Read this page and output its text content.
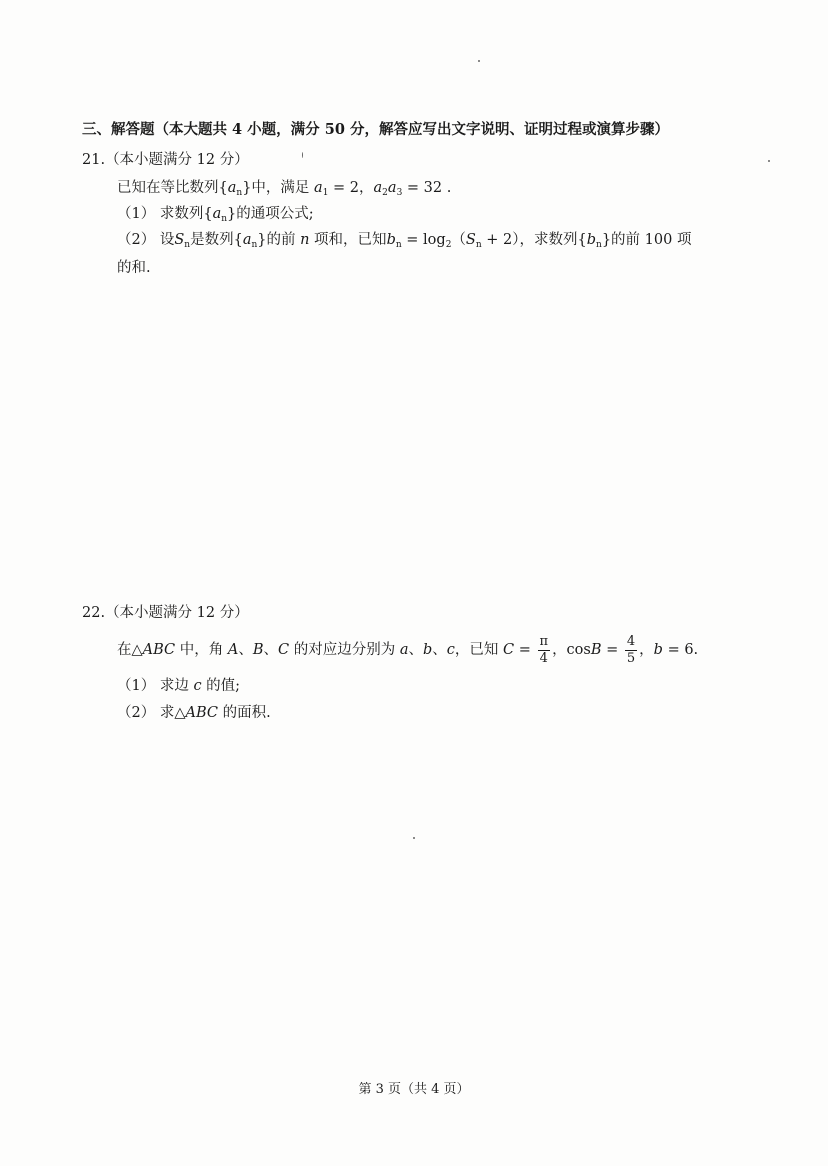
三、解答题（本大题共 4 小题，满分 50 分，解答应写出文字说明、证明过程或演算步骤）
21.（本小题满分 12 分）
已知在等比数列$\{a_n\}$中，满足 $a_1 = 2$，$a_2a_3 = 32$ .
（1） 求数列$\{a_n\}$的通项公式;
（2） 设$S_n$是数列$\{a_n\}$的前 n 项和，已知$b_n = \log_2(S_n + 2)$，求数列$\{b_n\}$的前 100 项
的和.
22.（本小题满分 12 分）
在△ABC 中，角 A、B、C 的对应边分别为 a、b、c，已知 $C = \frac{\pi}{4}$ ，$\cos B = \frac{4}{5}$ ，b = 6.
（1） 求边 c 的值;
（2） 求△ABC 的面积.
第 3 页（共 4 页）
